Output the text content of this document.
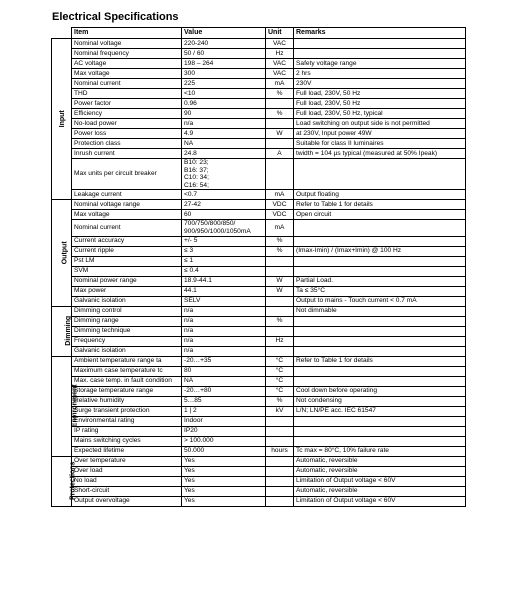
Electrical Specifications
	Item	Value	Unit	Remarks
Input	Nominal voltage	220-240	VAC	
	Nominal frequency	50 / 60	Hz	
	AC voltage	198 – 264	VAC	Safety voltage range
	Max voltage	300	VAC	2 hrs
	Nominal current	225	mA	230V
	THD	<10	%	Full load, 230V, 50 Hz
	Power factor	0.96		Full load, 230V, 50 Hz
	Efficiency	90	%	Full load, 230V, 50 Hz, typical
	No-load power	n/a		Load switching on output side is not permitted
	Power loss	4.9	W	at 230V, Input power 49W
	Protection class	NA		Suitable for class II luminaires
	Inrush current	24.8	A	twidth = 104 µs typical (measured at 50% Ipeak)
	Max units per circuit breaker	B10: 23;
B16: 37;
C10: 34;
C16: 54;		

	Leakage current	<0.7	mA	Output floating
Output	Nominal voltage range	27-42	VDC	Refer to Table 1 for details
	Max voltage	60	VDC	Open circuit
	Nominal current	700/750/800/850/
900/950/1000/1050mA	mA	
	Current accuracy	+/- 5	%	
	Current ripple	≤ 3	%	(Imax-Imin) / (Imax+Imin) @ 100 Hz
	Pst LM	≤ 1		
	SVM	≤ 0.4		
	Nominal power range	18.9-44.1	W	Partial Load.
	Max power	44.1	W	Ta ≤ 35°C
	Galvanic isolation	SELV		Output to mains - Touch current < 0.7 mA
Dimming	Dimming control	n/a		Not dimmable
	Dimming range	n/a	%	
	Dimming technique	n/a		
	Frequency	n/a	Hz	
	Galvanic isolation	n/a		
Environment	Ambient temperature range ta	-20…+35	°C	Refer to Table 1 for details
	Maximum case temperature tc	80	°C	
	Max. case temp. in fault condition	NA	°C	
	Storage temperature range	-20…+80	°C	Cool down before operating
	Relative humidity	5…85	%	Not condensing
	Surge transient protection	1 | 2	kV	L/N; LN/PE acc. IEC 61547
	Environmental rating	Indoor		
	IP rating	IP20		
	Mains switching cycles	> 100.000		
	Expected lifetime	50.000	hours	Tc max = 80°C, 10% failure rate
Protections	Over temperature	Yes		Automatic, reversible
	Over load	Yes		Automatic, reversible
	No load	Yes		Limitation of Output voltage < 60V
	Short-circuit	Yes		Automatic, reversible
	Output overvoltage	Yes		Limitation of Output voltage < 60V
